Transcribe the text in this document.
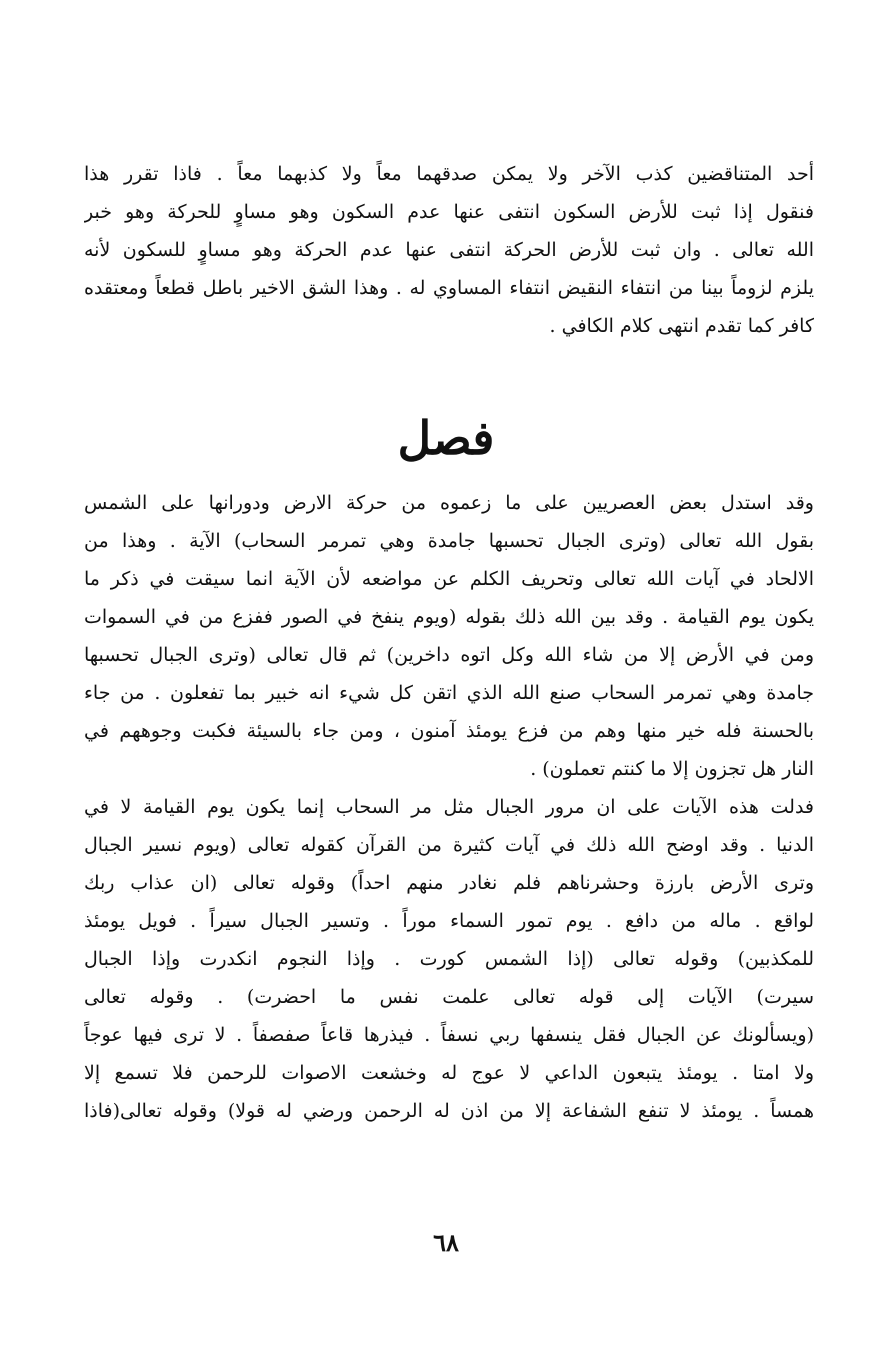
أحد المتناقضين كذب الآخر ولا يمكن صدقهما معاً ولا كذبهما معاً . فاذا تقرر هذا
فنقول إذا ثبت للأرض السكون انتفى عنها عدم السكون وهو مساوٍ للحركة وهو خبر
الله تعالى . وان ثبت للأرض الحركة انتفى عنها عدم الحركة وهو مساوٍ للسكون لأنه
يلزم لزوماً بينا من انتفاء النقيض انتفاء المساوي له . وهذا الشق الاخير باطل قطعاً ومعتقده
كافر كما تقدم انتهى كلام الكافي .
فصل
وقد استدل بعض العصريين على ما زعموه من حركة الارض ودورانها على الشمس
بقول الله تعالى (وترى الجبال تحسبها جامدة وهي تمرمر السحاب) الآية . وهذا من
الالحاد في آيات الله تعالى وتحريف الكلم عن مواضعه لأن الآية انما سيقت في ذكر ما
يكون يوم القيامة . وقد بين الله ذلك بقوله (ويوم ينفخ في الصور ففزع من في السموات
ومن في الأرض إلا من شاء الله وكل اتوه داخرين) ثم قال تعالى (وترى الجبال تحسبها
جامدة وهي تمرمر السحاب صنع الله الذي اتقن كل شيء انه خبير بما تفعلون . من جاء
بالحسنة فله خير منها وهم من فزع يومئذ آمنون ، ومن جاء بالسيئة فكبت وجوههم في
النار هل تجزون إلا ما كنتم تعملون) .
فدلت هذه الآيات على ان مرور الجبال مثل مر السحاب إنما يكون يوم القيامة لا في
الدنيا . وقد اوضح الله ذلك في آيات كثيرة من القرآن كقوله تعالى (ويوم نسير الجبال
وترى الأرض بارزة وحشرناهم فلم نغادر منهم احداً) وقوله تعالى (ان عذاب ربك
لواقع . ماله من دافع . يوم تمور السماء موراً . وتسير الجبال سيراً . فويل يومئذ
للمكذبين) وقوله تعالى (إذا الشمس كورت . وإذا النجوم انكدرت وإذا الجبال
سيرت) الآيات إلى قوله تعالى علمت نفس ما احضرت) . وقوله تعالى
(ويسألونك عن الجبال فقل ينسفها ربي نسفاً . فيذرها قاعاً صفصفاً . لا ترى فيها عوجاً
ولا امتا . يومئذ يتبعون الداعي لا عوج له وخشعت الاصوات للرحمن فلا تسمع إلا
همساً . يومئذ لا تنفع الشفاعة إلا من اذن له الرحمن ورضي له قولا) وقوله تعالى(فاذا
٦٨
